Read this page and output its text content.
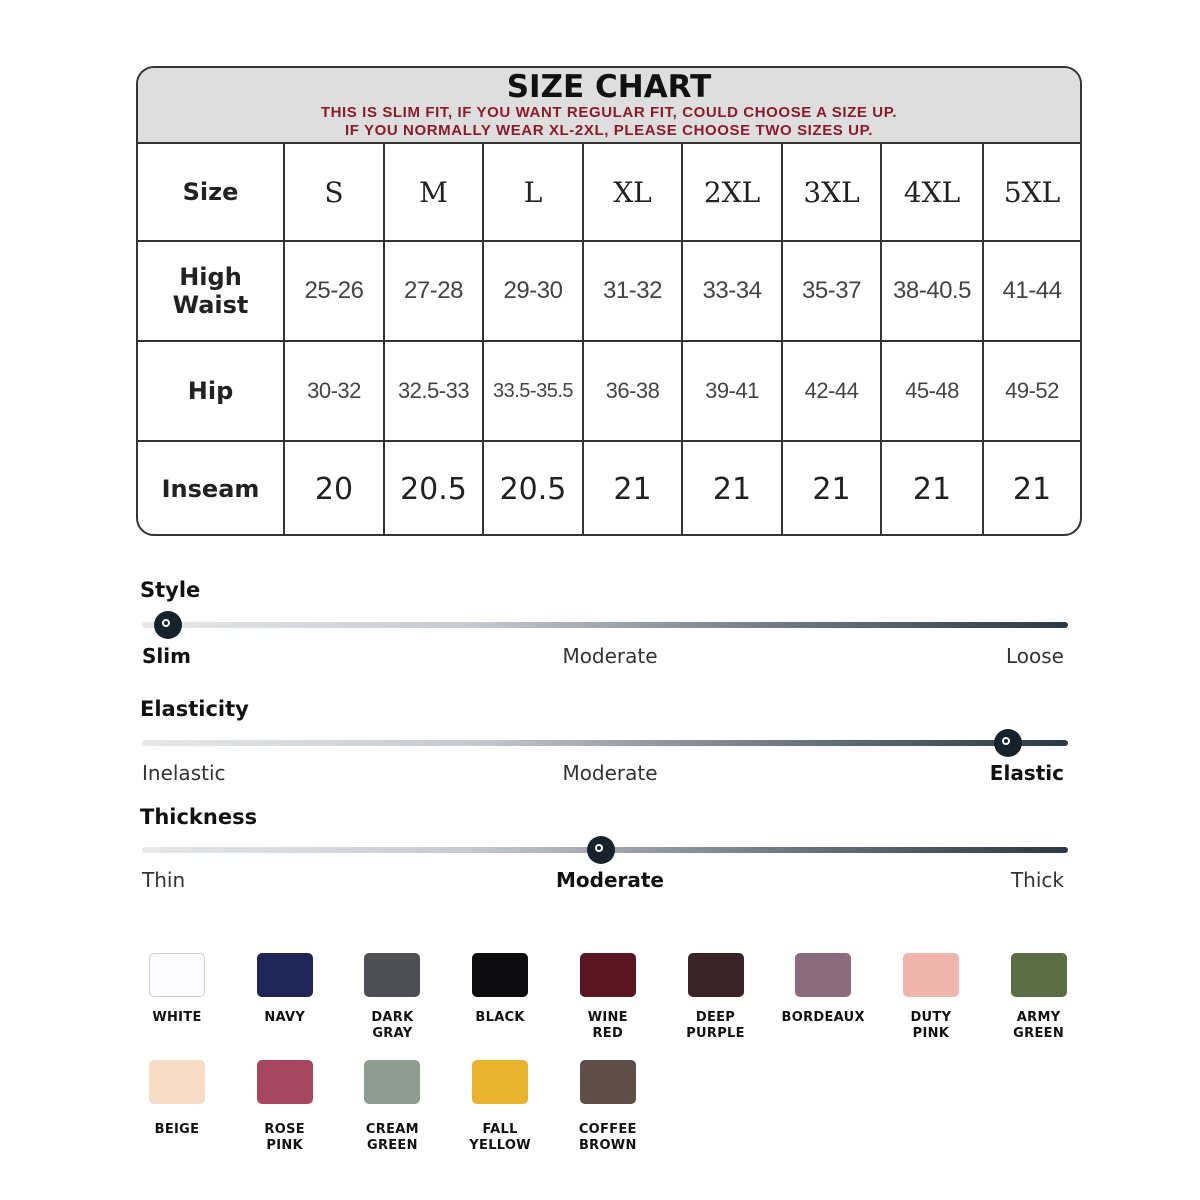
SIZE CHART
THIS IS SLIM FIT, IF YOU WANT REGULAR FIT, COULD CHOOSE A SIZE UP.
IF YOU NORMALLY WEAR XL-2XL, PLEASE CHOOSE TWO SIZES UP.
Size	S	M	L	XL	2XL	3XL	4XL	5XL

High
Waist	25-26	27-28	29-30	31-32	33-34	35-37	38-40.5	41-44
Hip	30-32	32.5-33	33.5-35.5	36-38	39-41	42-44	45-48	49-52
Inseam	20	20.5	20.5	21	21	21	21	21
Style
Slim	Moderate	Loose
Elasticity
Inelastic	Moderate	Elastic
Thickness
Thin	Moderate	Thick
WHITE	NAVY	DARK
GRAY
BLACK	WINE
RED
DEEP
PURPLE
BORDEAUX	DUTY
PINK
ARMY
GREEN
BEIGE	ROSE
PINK
CREAM
GREEN
FALL
YELLOW
COFFEE
BROWN
